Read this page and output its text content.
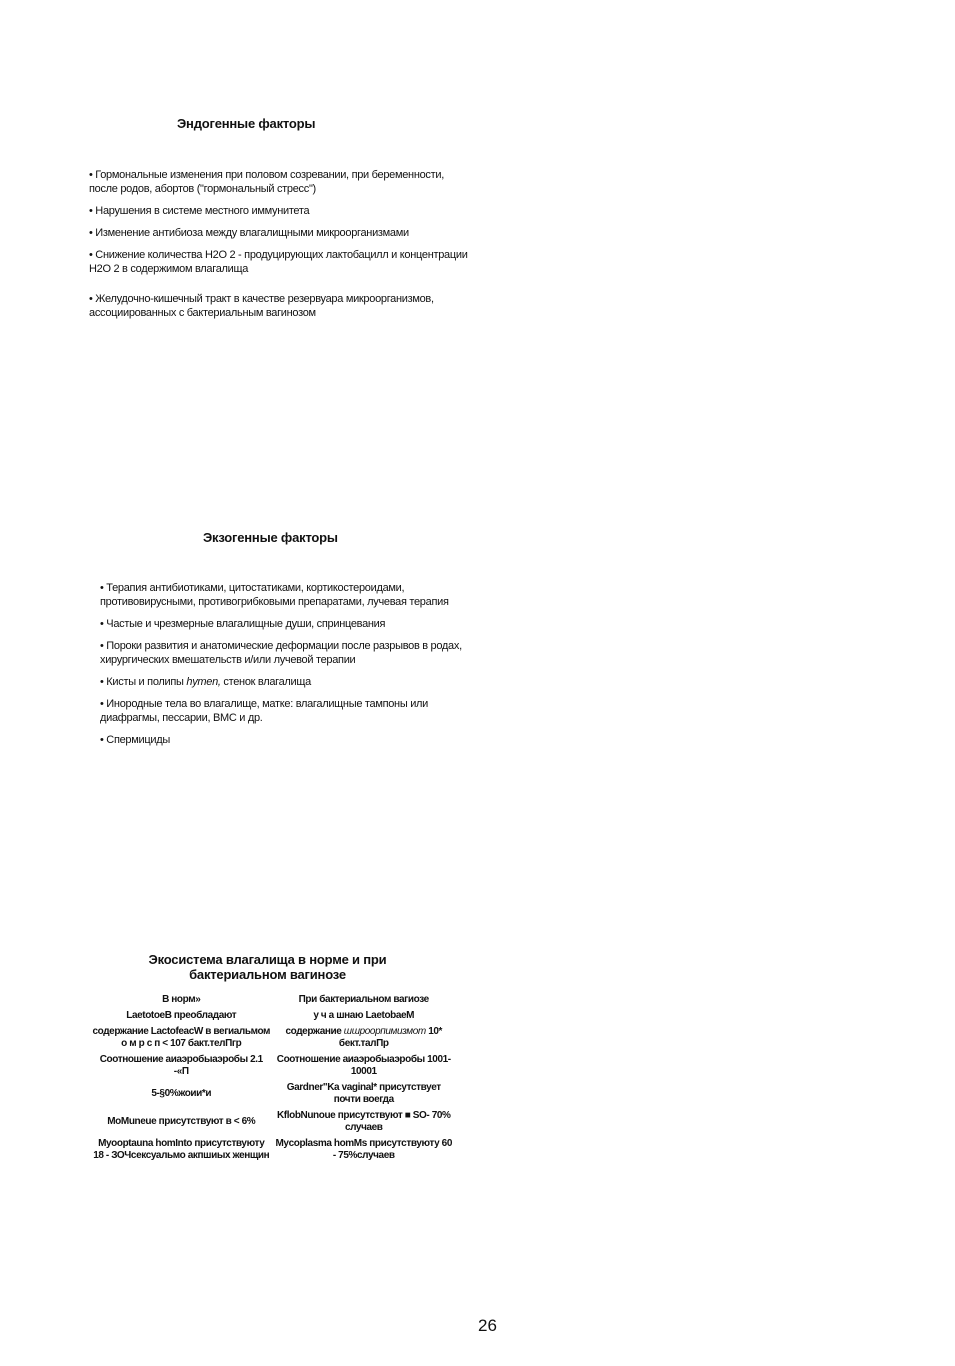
Эндогенные факторы
• Гормональные изменения при половом созревании, при беременности, после родов, абортов ("гормональный стресс")
• Нарушения в системе местного иммунитета
• Изменение антибиоза между влагалищными микроорганизмами
• Снижение количества Н2О 2 - продуцирующих лактобацилл и концентрации Н2О 2 в содержимом влагалища
• Желудочно-кишечный тракт в качестве резервуара микроорганизмов, ассоциированных с бактериальным вагинозом
Экзогенные факторы
• Терапия антибиотиками, цитостатиками, кортикостероидами, противовирусными, противогрибковыми препаратами, лучевая терапия
• Частые и чрезмерные влагалищные души, спринцевания
• Пороки развития и анатомические деформации после разрывов в родах, хирургических вмешательств и/или лучевой терапии
• Кисты и полипы hymen, стенок влагалища
• Инородные тела во влагалище, матке: влагалищные тампоны или диафрагмы, пессарии, ВМС и др.
• Спермициды
Экосистема влагалища в норме и при бактериальном вагинозе
В норм»	При бактериальном вагиозе
LaetotoeB преобладают	у ч а шнаю LaetobaeM
содержание LactofeacW в вегиальмом о м р с п < 107 бакт.телПгр	содержание шшроорпимизмот 10* бект.талПр
Соотношение аиаэробыаэробы 2.1 -«П	Соотношение аиаэробыаэробы 1001-10001
5-§0%жоии*и	Gardner"Ka vaginal* присутствует почти воегда
MoMuneue присутствуют в < 6%	KflobNunoue присутствуют ■ SO- 70% случаев
Myooptauna homInto присутствуюту 18 - ЗОЧсексуальмо акпшиых женщин	Mycoplasma homMs присутствуюту 60 - 75%случаев
26
